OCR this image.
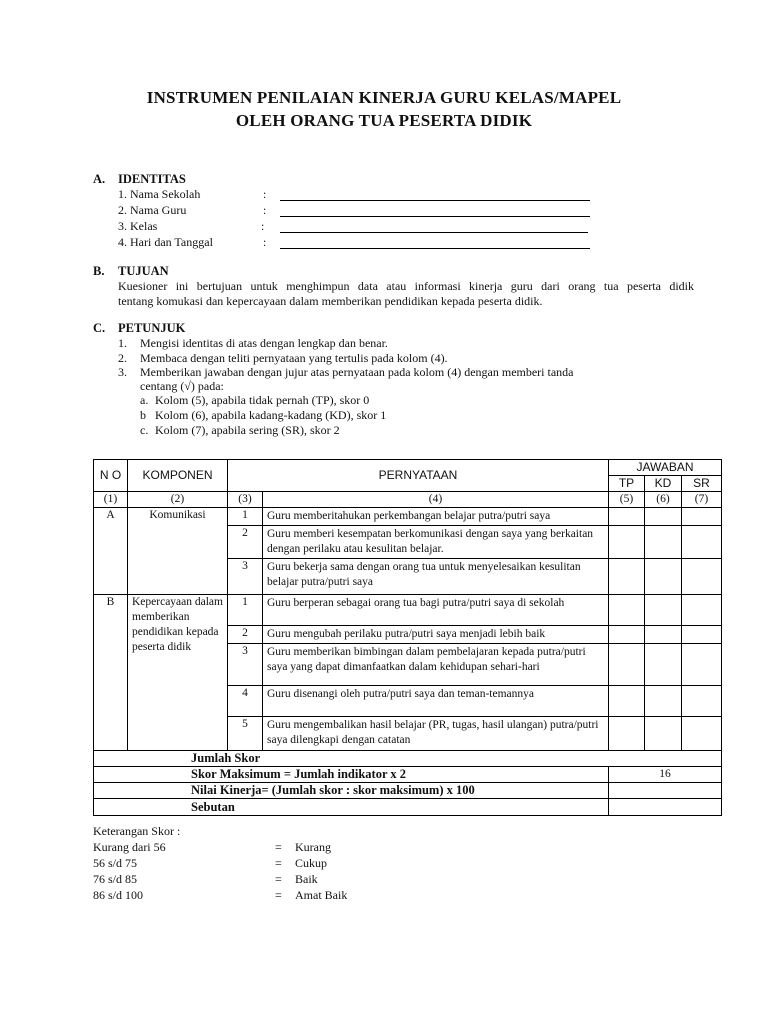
INSTRUMEN PENILAIAN KINERJA GURU KELAS/MAPEL
OLEH ORANG TUA PESERTA DIDIK
A. IDENTITAS
1. Nama Sekolah	:
2. Nama Guru	:
3. Kelas	:
4. Hari dan Tanggal	:
B. TUJUAN
Kuesioner ini bertujuan untuk menghimpun data atau informasi kinerja guru dari orang tua peserta didik
tentang komukasi dan kepercayaan dalam memberikan pendidikan kepada peserta didik.
C. PETUNJUK
1. Mengisi identitas di atas dengan lengkap dan benar.
2. Membaca dengan teliti pernyataan yang tertulis pada kolom (4).
3. Memberikan jawaban dengan jujur atas pernyataan pada kolom (4) dengan memberi tanda
centang (√) pada:
a. Kolom (5), apabila tidak pernah (TP), skor 0
b Kolom (6), apabila kadang-kadang (KD), skor 1
c. Kolom (7), apabila sering (SR), skor 2
N O	KOMPONEN	PERNYATAAN		JAWABAN		
				TP	KD	SR
(1)	(2)	(3)	(4)	(5)	(6)	(7)
A	Komunikasi	1	Guru memberitahukan perkembangan belajar putra/putri saya			
		2	Guru memberi kesempatan berkomunikasi dengan saya yang berkaitan dengan perilaku atau kesulitan belajar.			
		3	Guru bekerja sama dengan orang tua untuk menyelesaikan kesulitan belajar putra/putri saya			
B	Kepercayaan dalam memberikan pendidikan kepada peserta didik	1	Guru berperan sebagai orang tua bagi putra/putri saya di sekolah			
		2	Guru mengubah perilaku putra/putri saya menjadi lebih baik			
		3	Guru memberikan bimbingan dalam pembelajaran kepada putra/putri saya yang dapat dimanfaatkan dalam kehidupan sehari-hari			
		4	Guru disenangi oleh putra/putri saya dan teman-temannya			
		5	Guru mengembalikan hasil belajar (PR, tugas, hasil ulangan) putra/putri saya dilengkapi dengan catatan			
Jumlah Skor						
Skor Maksimum = Jumlah indikator x 2				16		
Nilai Kinerja= (Jumlah skor : skor maksimum) x 100						
Sebutan						
Keterangan Skor :
Kurang dari 56	= Kurang
56 s/d 75	= Cukup
76 s/d 85	= Baik
86 s/d 100	= Amat Baik
